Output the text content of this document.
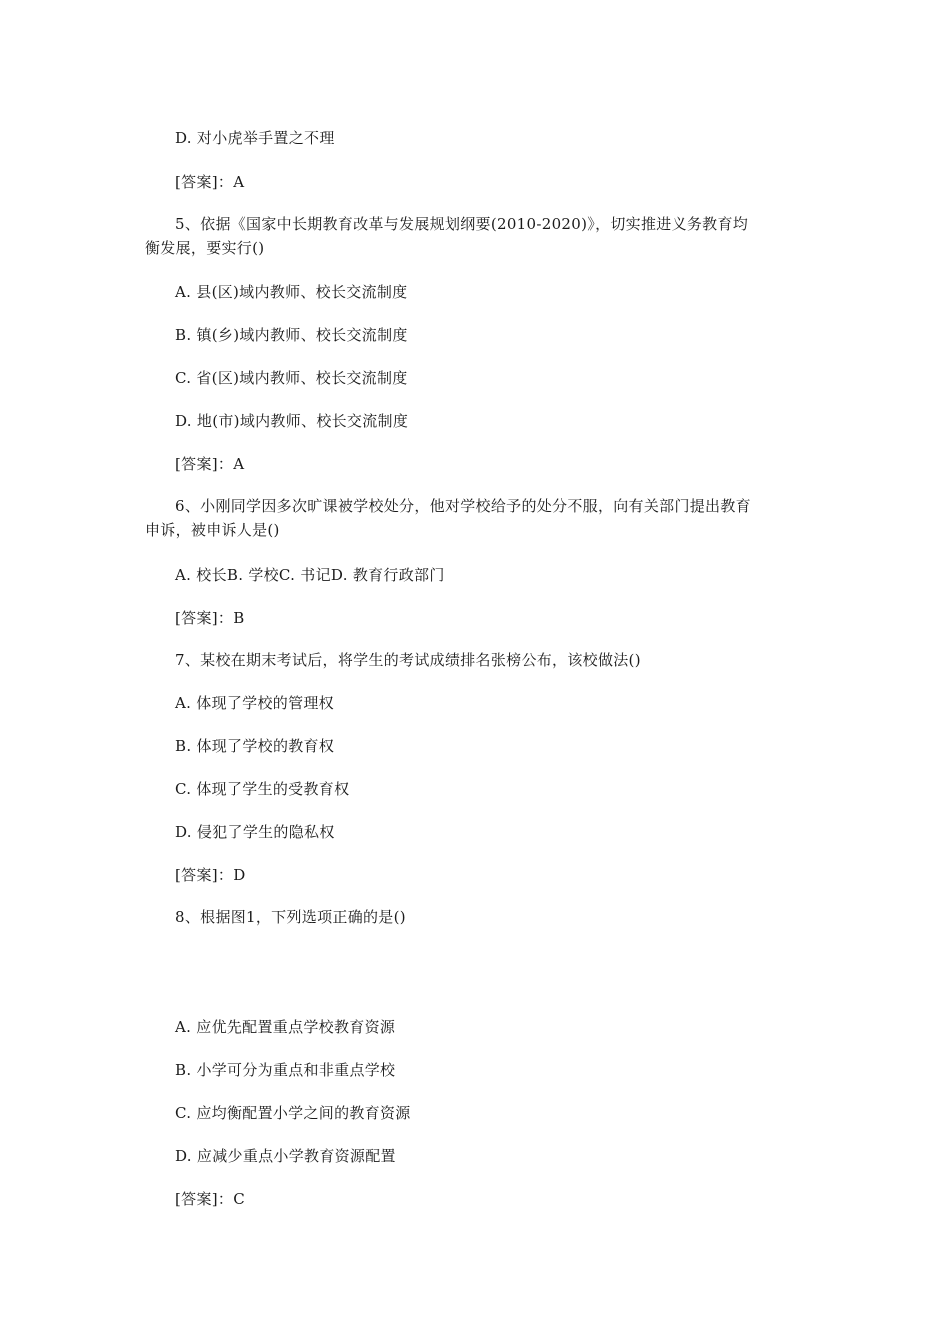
D. 对小虎举手置之不理
[答案]：A
5、依据《国家中长期教育改革与发展规划纲要(2010-2020)》，切实推进义务教育均
衡发展，要实行()
A. 县(区)域内教师、校长交流制度
B. 镇(乡)域内教师、校长交流制度
C. 省(区)域内教师、校长交流制度
D. 地(市)域内教师、校长交流制度
[答案]：A
6、小刚同学因多次旷课被学校处分，他对学校给予的处分不服，向有关部门提出教育
申诉，被申诉人是()
A. 校长B. 学校C. 书记D. 教育行政部门
[答案]：B
7、某校在期末考试后，将学生的考试成绩排名张榜公布，该校做法()
A. 体现了学校的管理权
B. 体现了学校的教育权
C. 体现了学生的受教育权
D. 侵犯了学生的隐私权
[答案]：D
8、根据图1，下列选项正确的是()
A. 应优先配置重点学校教育资源
B. 小学可分为重点和非重点学校
C. 应均衡配置小学之间的教育资源
D. 应减少重点小学教育资源配置
[答案]：C
